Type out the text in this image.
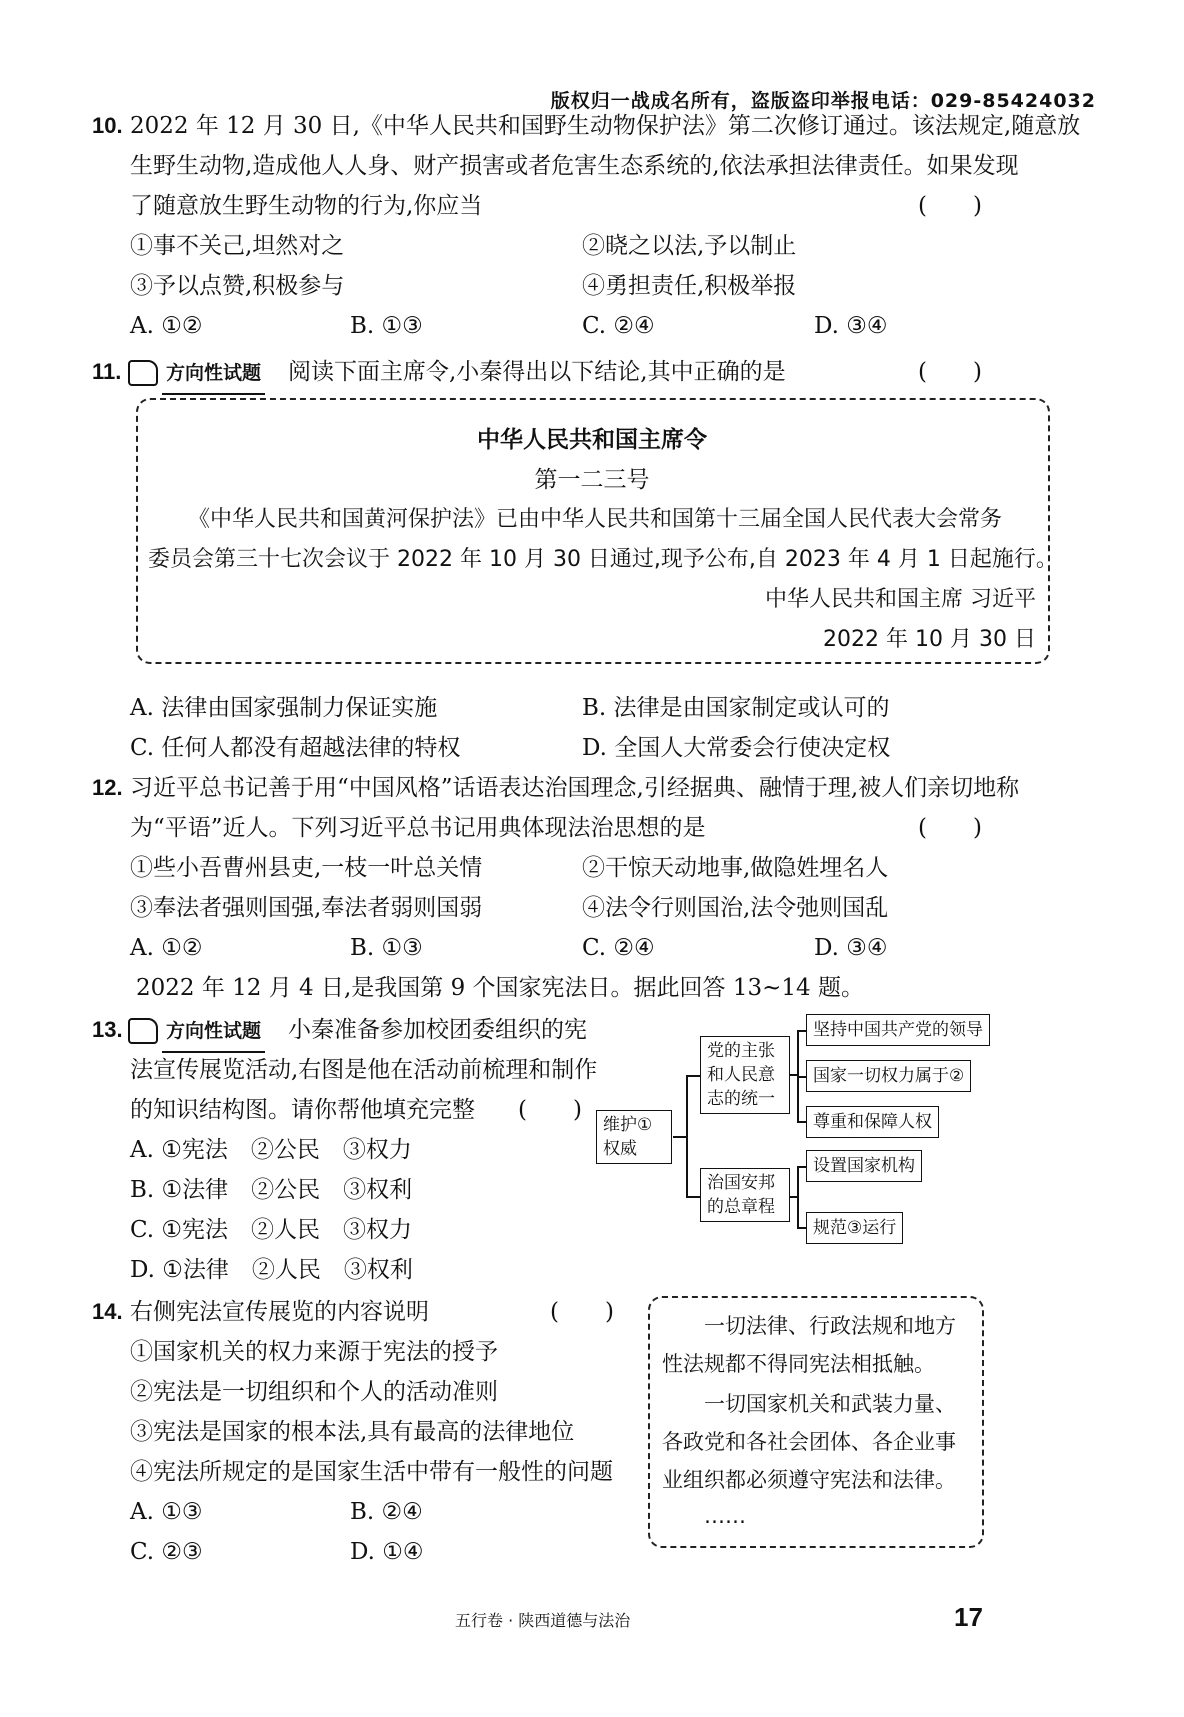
版权归一战成名所有，盗版盗印举报电话：029-85424032
10. 2022 年 12 月 30 日,《中华人民共和国野生动物保护法》第二次修订通过。该法规定,随意放
生野生动物,造成他人人身、财产损害或者危害生态系统的,依法承担法律责任。如果发现
了随意放生野生动物的行为,你应当	(　　)
①事不关己,坦然对之	②晓之以法,予以制止
③予以点赞,积极参与	④勇担责任,积极举报
A. ①②	B. ①③	C. ②④	D. ③④
11.	方向性试题	阅读下面主席令,小秦得出以下结论,其中正确的是	(　　)
中华人民共和国主席令
第一二三号
《中华人民共和国黄河保护法》已由中华人民共和国第十三届全国人民代表大会常务
委员会第三十七次会议于 2022 年 10 月 30 日通过,现予公布,自 2023 年 4 月 1 日起施行。
中华人民共和国主席 习近平
2022 年 10 月 30 日
A. 法律由国家强制力保证实施	B. 法律是由国家制定或认可的
C. 任何人都没有超越法律的特权	D. 全国人大常委会行使决定权
12. 习近平总书记善于用“中国风格”话语表达治国理念,引经据典、融情于理,被人们亲切地称
为“平语”近人。下列习近平总书记用典体现法治思想的是	(　　)
①些小吾曹州县吏,一枝一叶总关情	②干惊天动地事,做隐姓埋名人
③奉法者强则国强,奉法者弱则国弱	④法令行则国治,法令弛则国乱
A. ①②	B. ①③	C. ②④	D. ③④
2022 年 12 月 4 日,是我国第 9 个国家宪法日。据此回答 13~14 题。
13.	方向性试题	小秦准备参加校团委组织的宪
法宣传展览活动,右图是他在活动前梳理和制作
的知识结构图。请你帮他填充完整 (　　)
A. ①宪法　②公民　③权力
B. ①法律　②公民　③权利
C. ①宪法　②人民　③权力
D. ①法律　②人民　③权利
维护①
权威
党的主张
和人民意
志的统一
治国安邦
的总章程
坚持中国共产党的领导
国家一切权力属于②
尊重和保障人权
设置国家机构
规范③运行
14. 右侧宪法宣传展览的内容说明	(　　)
①国家机关的权力来源于宪法的授予
②宪法是一切组织和个人的活动准则
③宪法是国家的根本法,具有最高的法律地位
④宪法所规定的是国家生活中带有一般性的问题
A. ①③	B. ②④
C. ②③	D. ①④
一切法律、行政法规和地方
性法规都不得同宪法相抵触。
一切国家机关和武装力量、
各政党和各社会团体、各企业事
业组织都必须遵守宪法和法律。
……
五行卷 · 陕西道德与法治	17
